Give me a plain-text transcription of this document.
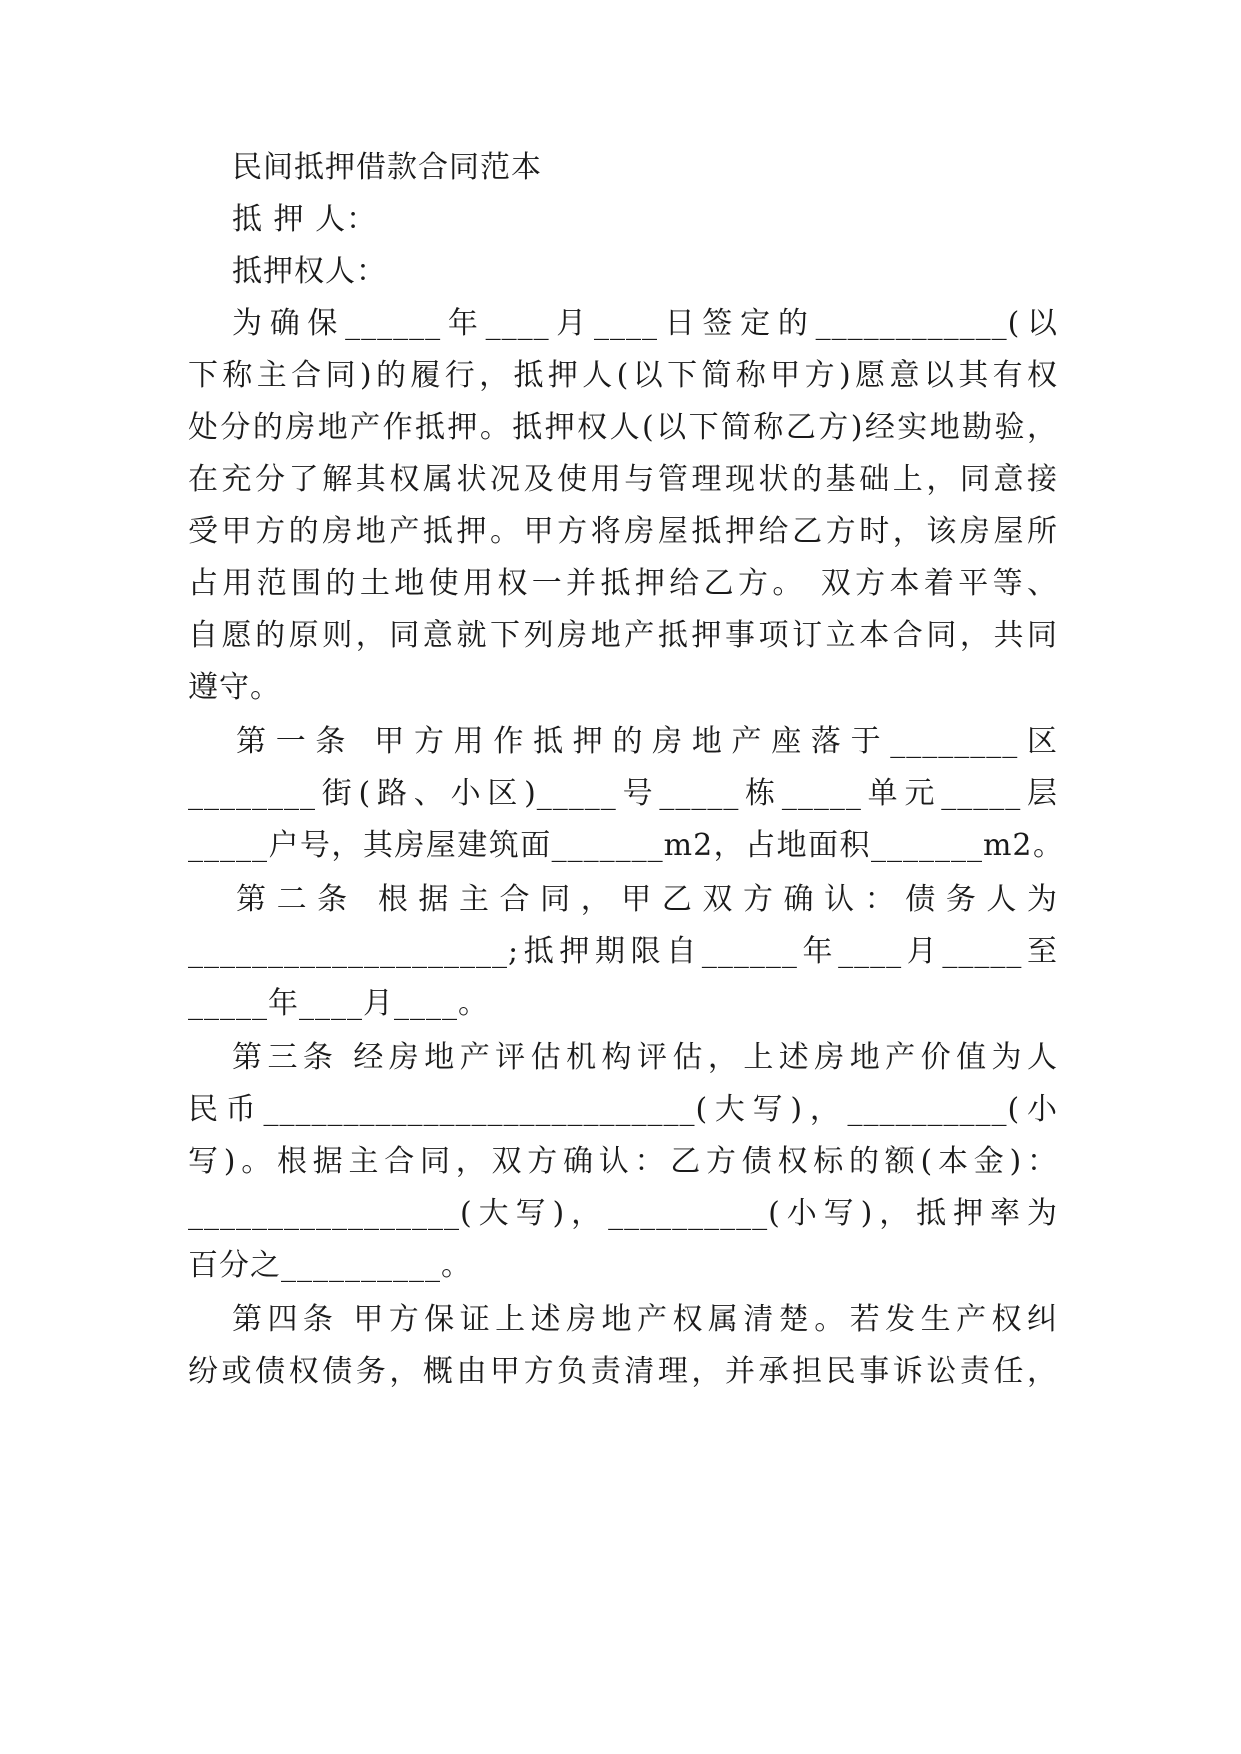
民间抵押借款合同范本
抵 押 人：
抵押权人：
为确保______年____月____日签定的____________(以
下称主合同)的履行，抵押人(以下简称甲方)愿意以其有权
处分的房地产作抵押。抵押权人(以下简称乙方)经实地勘验，
在充分了解其权属状况及使用与管理现状的基础上，同意接
受甲方的房地产抵押。甲方将房屋抵押给乙方时，该房屋所
占用范围的土地使用权一并抵押给乙方。 双方本着平等、
自愿的原则，同意就下列房地产抵押事项订立本合同，共同
遵守。
第一条 甲方用作抵押的房地产座落于________区
________街(路、小区)_____号_____栋_____单元_____层
_____户号，其房屋建筑面_______m2，占地面积_______m2。
第二条 根据主合同，甲乙双方确认：债务人为
____________________;抵押期限自______年____月_____至
_____年____月____。
第三条 经房地产评估机构评估，上述房地产价值为人
民币___________________________(大写)，__________(小
写)。根据主合同，双方确认：乙方债权标的额(本金)：
_________________(大写)，__________(小写)，抵押率为
百分之__________。
第四条 甲方保证上述房地产权属清楚。若发生产权纠
纷或债权债务，概由甲方负责清理，并承担民事诉讼责任，
